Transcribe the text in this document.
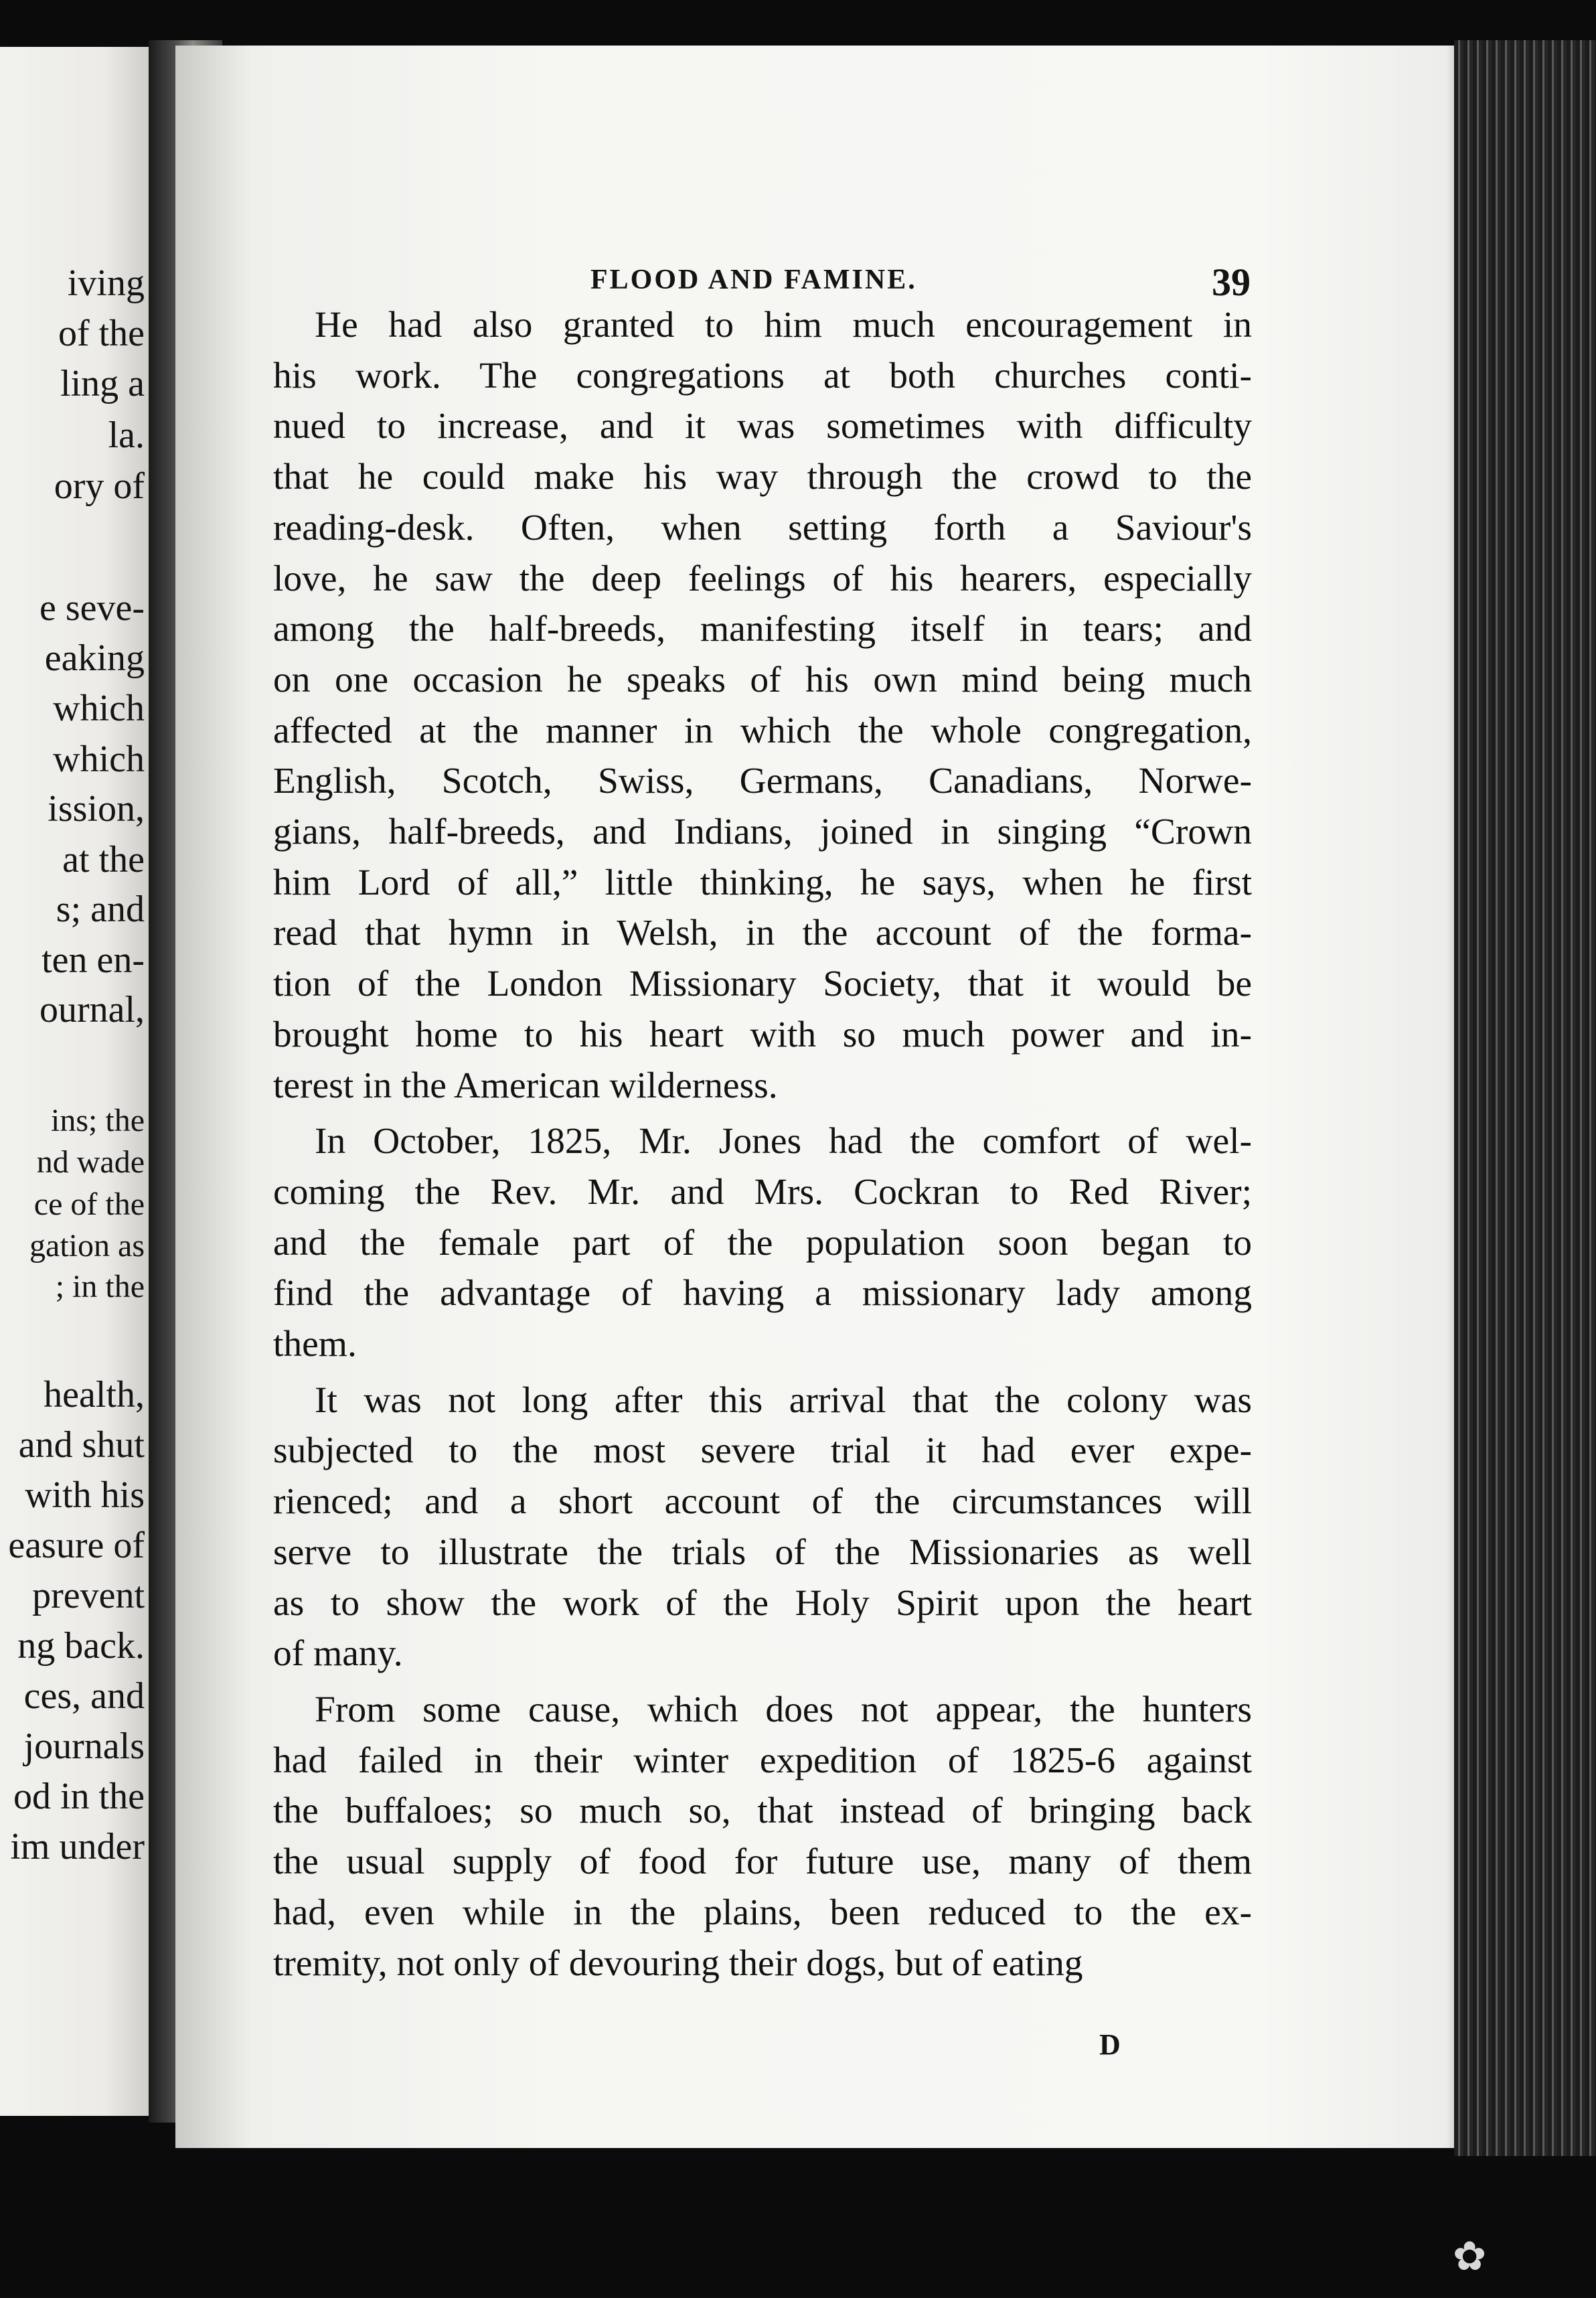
iving
of the
ling a
la.
ory of
e seve-
eaking
which
which
ission,
at the
s; and
ten en-
ournal,
ins; the
nd wade
ce of the
gation as
; in the
health,
and shut
with his
easure of
prevent
ng back.
ces, and
journals
od in the
im under
FLOOD AND FAMINE.	39

He had also granted to him much encouragement in
his work. The congregations at both churches conti-
nued to increase, and it was sometimes with difficulty
that he could make his way through the crowd to the
reading-desk. Often, when setting forth a Saviour's
love, he saw the deep feelings of his hearers, especially
among the half-breeds, manifesting itself in tears; and
on one occasion he speaks of his own mind being much
affected at the manner in which the whole congregation,
English, Scotch, Swiss, Germans, Canadians, Norwe-
gians, half-breeds, and Indians, joined in singing “Crown
him Lord of all,” little thinking, he says, when he first
read that hymn in Welsh, in the account of the forma-
tion of the London Missionary Society, that it would be
brought home to his heart with so much power and in-
terest in the American wilderness.

In October, 1825, Mr. Jones had the comfort of wel-
coming the Rev. Mr. and Mrs. Cockran to Red River;
and the female part of the population soon began to
find the advantage of having a missionary lady among
them.

It was not long after this arrival that the colony was
subjected to the most severe trial it had ever expe-
rienced; and a short account of the circumstances will
serve to illustrate the trials of the Missionaries as well
as to show the work of the Holy Spirit upon the heart
of many.

From some cause, which does not appear, the hunters
had failed in their winter expedition of 1825-6 against
the buffaloes; so much so, that instead of bringing back
the usual supply of food for future use, many of them
had, even while in the plains, been reduced to the ex-
tremity, not only of devouring their dogs, but of eating

D
✿
